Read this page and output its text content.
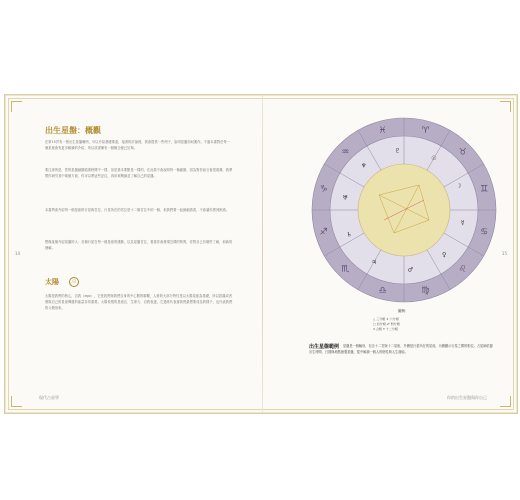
出生星盤：概觀
在第15頁有一張出生星盤範例，可以介紹基礎要素，接著的討論裡，我會提供一些例子，說明星盤如何運作。不過本書對於每一個星座會有更多解讀的介紹，所以試著擁有一個概念便已足夠。
要注意的是，您的星盤細節隨著時間不一樣，但是基本要點是一樣的。在此我不會說明每一個細節，因為對你而言會很複雜，我將帶你研究其中幾個方面，你可以將這些記住，再用來閱讀並了解自己的星盤。
本書將會介紹每一個星座的行星與宮位，行星所在的宮位是十二個宮位中的一個，但我們要一起細細看看，不會讓你感到困惑。
想像某個介紹星盤的人：各個行星在每一個星座的運動，以及星盤宮位，看看你會發現怎樣的特質，你對自己有哪些了解，和新的理解。
太陽	☉
太陽是我們的核心，自我（ego），它是我們與我們自身的中心點的聯繫，人格的大部分特性是以太陽星座為基礎，所以認識或者發現自己的星座傳遞的能量非常重要。太陽象徵的是意志、生命力、自我表達，它通常代表著我們最想要成為的樣子，也代表我們的父親形象。
14
現代占星學
♈
♉
♊
♋
♌
♍
♎
♏
♐
♑
♒
♓
☉
☽
☿
♀
♂
♃
♄
♅
♆
♇
圖例：
△ 三分相 ✶ 六分相
□ 四分相 ☍ 對分相
☌ 合相 ⚻ 十二分相
出生星盤範例	星盤是一個輪形，包含十二宮與十二星座，外圈是行星所在的星座，內圈顯示行星之間的相位。占星師依據出生時間、日期與地點繪製星盤，從中解讀一個人的個性與人生潛能。
15
你的出生星盤與你自己
